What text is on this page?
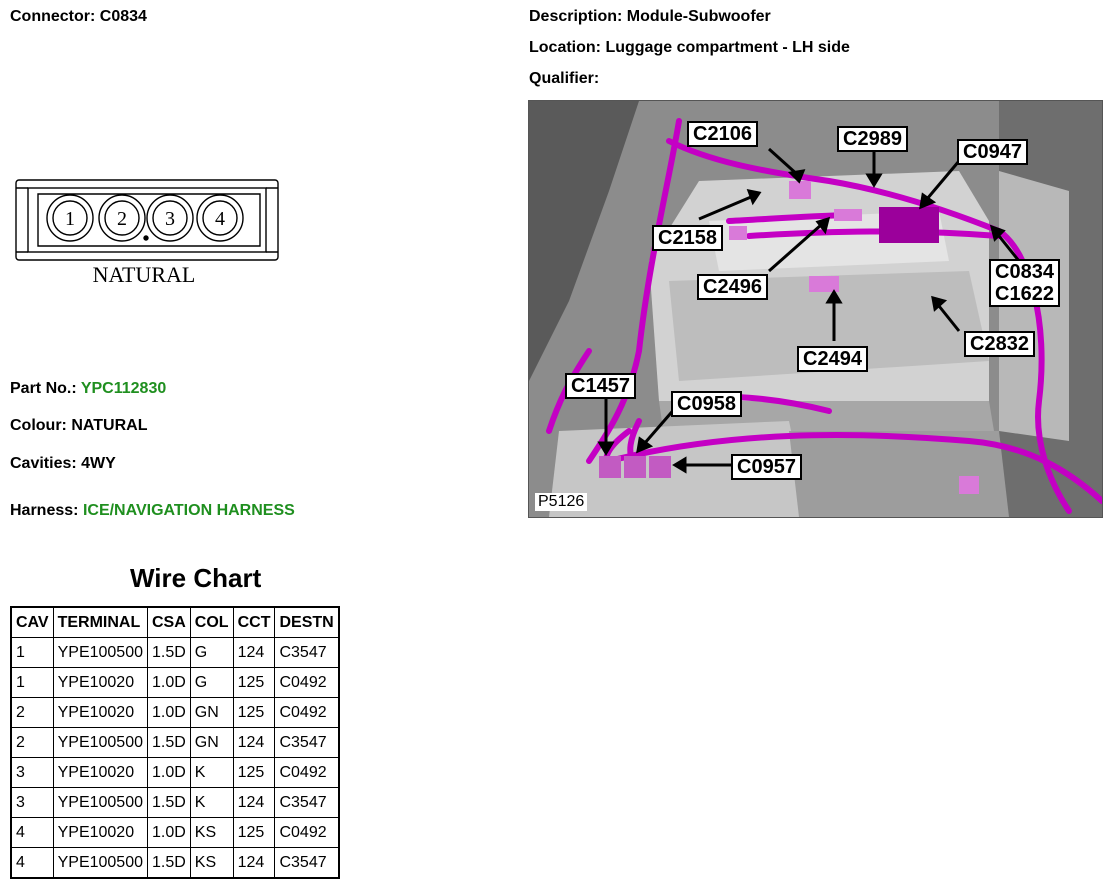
Connector: C0834	Description: Module-Subwoofer
Location: Luggage compartment - LH side
Qualifier:
1 2 3 4
NATURAL
Part No.: YPC112830
Colour: NATURAL
Cavities: 4WY
Harness: ICE/NAVIGATION HARNESS
Wire Chart
CAV	TERMINAL	CSA	COL	CCT	DESTN
1	YPE100500	1.5D	G	124	C3547
1	YPE10020	1.0D	G	125	C0492
2	YPE10020	1.0D	GN	125	C0492
2	YPE100500	1.5D	GN	124	C3547
3	YPE10020	1.0D	K	125	C0492
3	YPE100500	1.5D	K	124	C3547
4	YPE10020	1.0D	KS	125	C0492
4	YPE100500	1.5D	KS	124	C3547
C2106	C2989
C0947
C2158
C2496
C0834
C1622
C2494
C2832
C1457
C0958
C0957
P5126
